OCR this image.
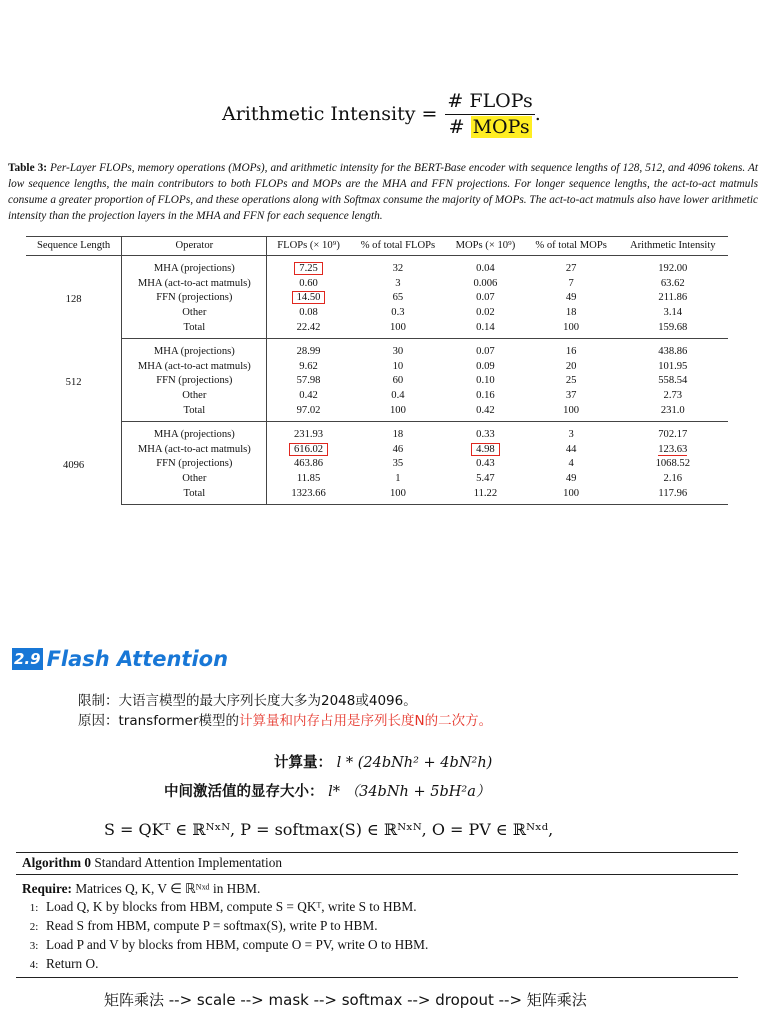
Arithmetic Intensity = $\frac{\text{\# FLOPs}}{\text{\# MOPs}}$ .
Table 3: Per-Layer FLOPs, memory operations (MOPs), and arithmetic intensity for the BERT-Base encoder with sequence lengths of 128, 512, and 4096 tokens. At low sequence lengths, the main contributors to both FLOPs and MOPs are the MHA and FFN projections. For longer sequence lengths, the act-to-act matmuls consume a greater proportion of FLOPs, and these operations along with Softmax consume the majority of MOPs. The act-to-act matmuls also have lower arithmetic intensity than the projection layers in the MHA and FFN for each sequence length.
Sequence Length	Operator	FLOPs (× 10⁹)	% of total FLOPs	MOPs (× 10⁹)	% of total MOPs	Arithmetic Intensity
128	MHA (projections)	7.25	32	0.04	27	192.00
	MHA (act-to-act matmuls)	0.60	3	0.006	7	63.62
	FFN (projections)	14.50	65	0.07	49	211.86
	Other	0.08	0.3	0.02	18	3.14
	Total	22.42	100	0.14	100	159.68
512	MHA (projections)	28.99	30	0.07	16	438.86
	MHA (act-to-act matmuls)	9.62	10	0.09	20	101.95
	FFN (projections)	57.98	60	0.10	25	558.54
	Other	0.42	0.4	0.16	37	2.73
	Total	97.02	100	0.42	100	231.0
4096	MHA (projections)	231.93	18	0.33	3	702.17
	MHA (act-to-act matmuls)	616.02	46	4.98	44	123.63
	FFN (projections)	463.86	35	0.43	4	1068.52
	Other	11.85	1	5.47	49	2.16
	Total	1323.66	100	11.22	100	117.96
2.9 Flash Attention
限制：大语言模型的最大序列长度大多为2048或4096。
原因：transformer模型的计算量和内存占用是序列长度N的二次方。
计算量： l * (24bNh² + 4bN²h)
中间激活值的显存大小： l* （34bNh + 5bH²a）
S = QKᵀ ∈ ℝᴺˣᴺ, P = softmax(S) ∈ ℝᴺˣᴺ, O = PV ∈ ℝᴺˣᵈ,
Algorithm 0 Standard Attention Implementation
Require: Matrices Q, K, V ∈ ℝᴺˣᵈ in HBM.
1: Load Q, K by blocks from HBM, compute S = QKᵀ, write S to HBM.
2: Read S from HBM, compute P = softmax(S), write P to HBM.
3: Load P and V by blocks from HBM, compute O = PV, write O to HBM.
4: Return O.
矩阵乘法 --> scale --> mask --> softmax --> dropout --> 矩阵乘法
